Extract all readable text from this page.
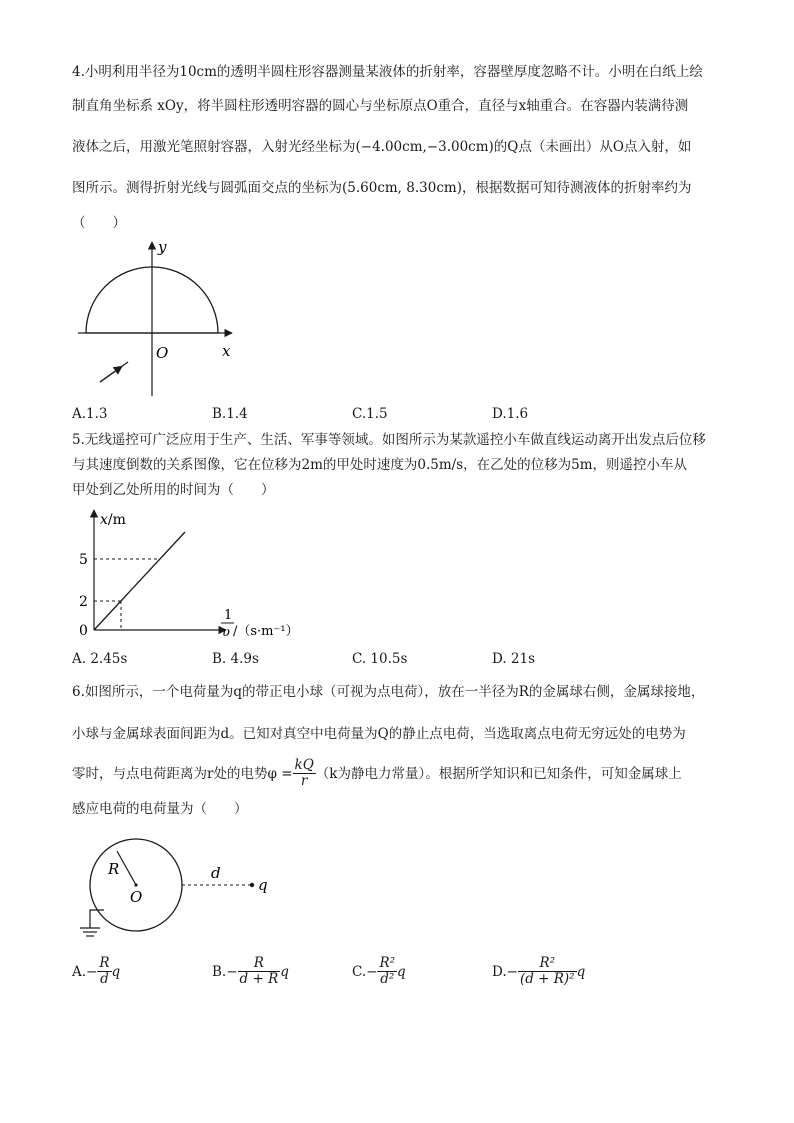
4.小明利用半径为10cm的透明半圆柱形容器测量某液体的折射率，容器壁厚度忽略不计。小明在白纸上绘
制直角坐标系 xOy，将半圆柱形透明容器的圆心与坐标原点O重合，直径与x轴重合。在容器内装满待测
液体之后，用激光笔照射容器，入射光经坐标为(−4.00cm,−3.00cm)的Q点（未画出）从O点入射，如
图所示。测得折射光线与圆弧面交点的坐标为(5.60cm, 8.30cm)，根据数据可知待测液体的折射率约为
（　　）
y
x
O
A.1.3	B.1.4	C.1.5	D.1.6
5.无线遥控可广泛应用于生产、生活、军事等领域。如图所示为某款遥控小车做直线运动离开出发点后位移
与其速度倒数的关系图像，它在位移为2m的甲处时速度为0.5m/s，在乙处的位移为5m，则遥控小车从
甲处到乙处所用的时间为（　　）
x/m
5
2
0
1
υ /（s·m⁻¹）
A. 2.45s	B. 4.9s	C. 10.5s	D. 21s
6.如图所示，一个电荷量为q的带正电小球（可视为点电荷），放在一半径为R的金属球右侧，金属球接地，
小球与金属球表面间距为d。已知对真空中电荷量为Q的静止点电荷，当选取离点电荷无穷远处的电势为
零时，与点电荷距离为r处的电势$\varphi = \frac{kQ}{r} (k$为静电力常量）。根据所学知识和已知条件，可知金属球上
感应电荷的电荷量为（　　）
R
O
d
q
$A.- \frac{R}{d}$ q	$B.- \frac{R}{d + R}$ q	$C.- \frac{\text{R²}}{\text{d²}}$ q	$D.- \frac{\text{R²}}{\text{(d + R)²}}$ q
